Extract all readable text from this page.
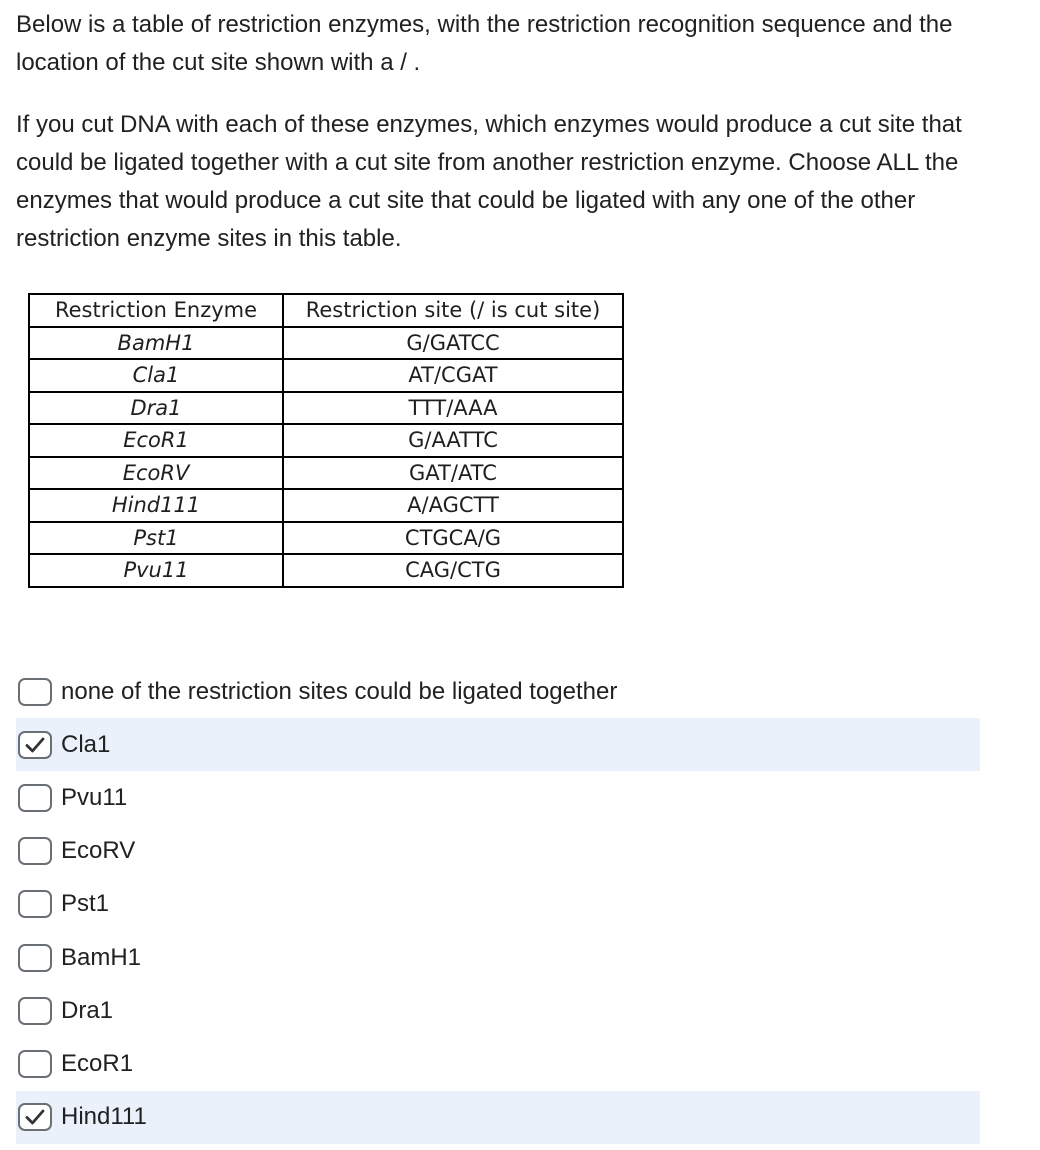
Below is a table of restriction enzymes, with the restriction recognition sequence and the location of the cut site shown with a / .

If you cut DNA with each of these enzymes, which enzymes would produce a cut site that could be ligated together with a cut site from another restriction enzyme. Choose ALL the enzymes that would produce a cut site that could be ligated with any one of the other restriction enzyme sites in this table.

Restriction Enzyme	Restriction site (/ is cut site)
BamH1	G/GATCC
Cla1	AT/CGAT
Dra1	TTT/AAA
EcoR1	G/AATTC
EcoRV	GAT/ATC
Hind111	A/AGCTT
Pst1	CTGCA/G
Pvu11	CAG/CTG
none of the restriction sites could be ligated together
Cla1
Pvu11
EcoRV
Pst1
BamH1
Dra1
EcoR1
Hind111
